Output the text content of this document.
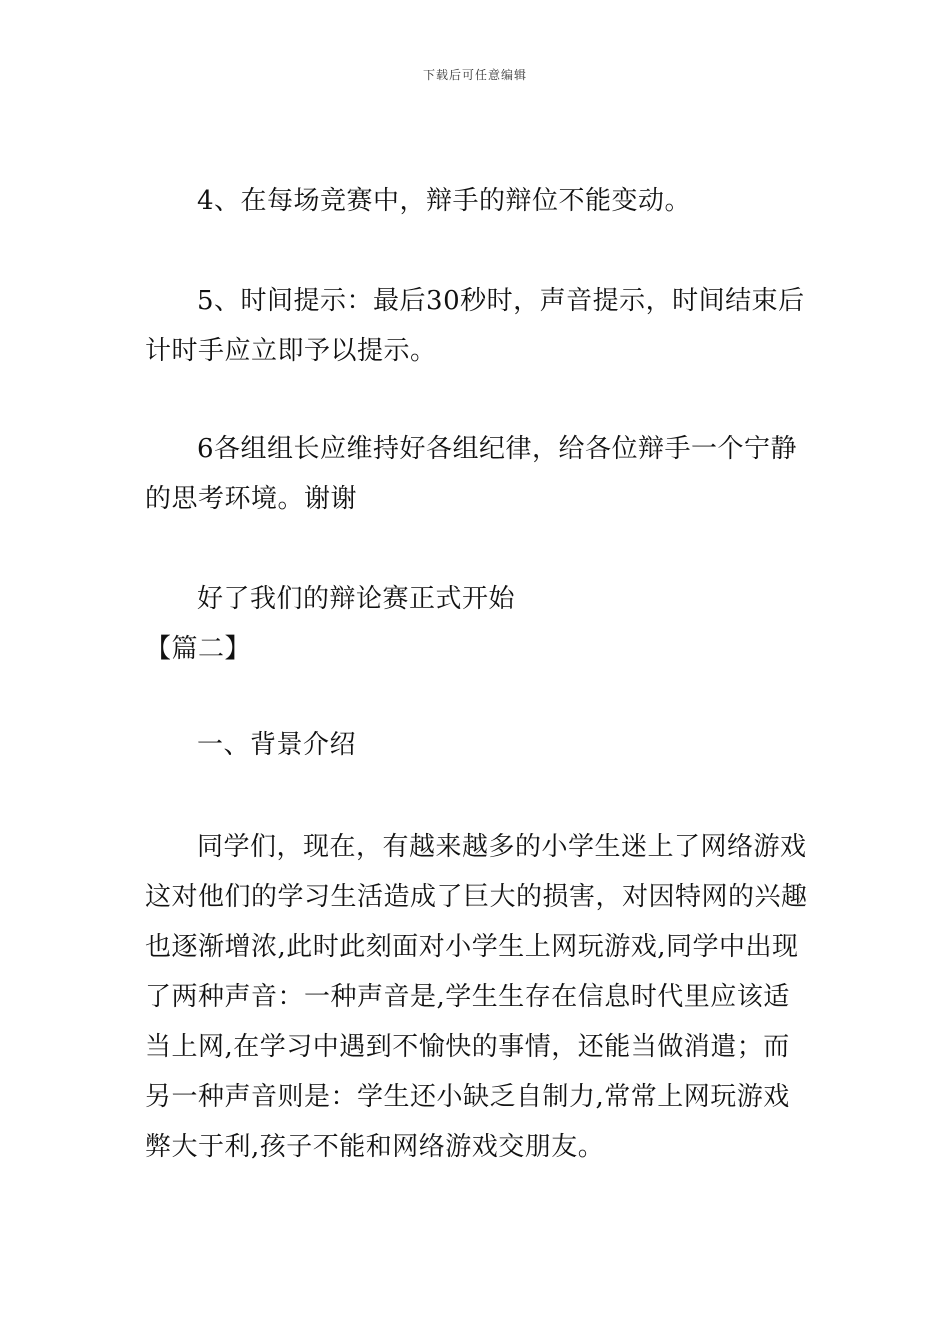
下载后可任意编辑

4、在每场竞赛中，辩手的辩位不能变动。

5、时间提示：最后30秒时，声音提示，时间结束后计时手应立即予以提示。

6各组组长应维持好各组纪律，给各位辩手一个宁静的思考环境。谢谢

好了我们的辩论赛正式开始

【篇二】

一、背景介绍

同学们，现在，有越来越多的小学生迷上了网络游戏这对他们的学习生活造成了巨大的损害，对因特网的兴趣也逐渐增浓,此时此刻面对小学生上网玩游戏,同学中出现了两种声音：一种声音是,学生生存在信息时代里应该适当上网,在学习中遇到不愉快的事情，还能当做消遣；而另一种声音则是：学生还小缺乏自制力,常常上网玩游戏弊大于利,孩子不能和网络游戏交朋友。
